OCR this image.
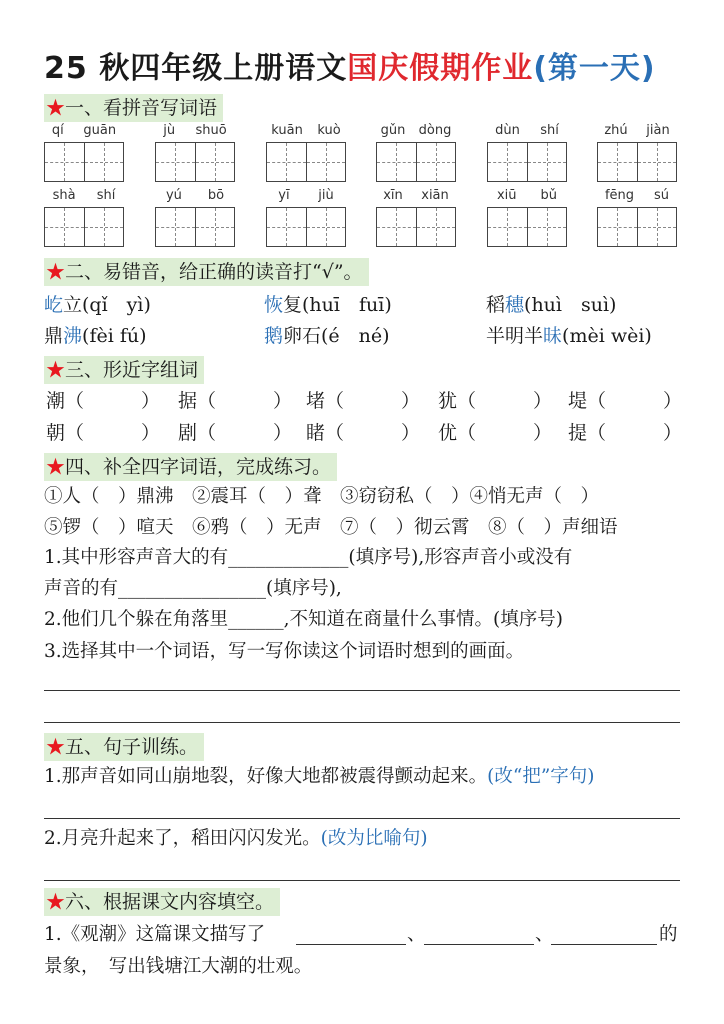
25 秋四年级上册语文国庆假期作业(第一天)
★一、看拼音写词语
qí guān	jù shuō	kuān kuò	gǔn dòng	dùn shí	zhú jiàn
shà shí	yú bō	yī jiù	xīn xiān	xiū bǔ	fēng sú
★二、易错音，给正确的读音打“√”。
屹立(qǐ　yì)	恢复(huī　fuī)	稻穗(huì　suì)
鼎沸(fèi fú)	鹅卵石(é　né)	半明半昧(mèi wèi)
★三、形近字组词
潮（　　　） 据（　　　） 堵（　　　） 犹（　　　） 堤（　　　）
朝（　　　） 剧（　　　） 睹（　　　） 优（　　　） 提（　　　）
★四、补全四字词语，完成练习。
①人（　）鼎沸　②震耳（　）聋　③窃窃私（　）④悄无声（　）
⑤锣（　）喧天　⑥鸦（　）无声　⑦（　）彻云霄　⑧（　）声细语
1.其中形容声音大的有_____________(填序号),形容声音小或没有
声音的有________________(填序号),
2.他们几个躲在角落里______,不知道在商量什么事情。(填序号)
3.选择其中一个词语，写一写你读这个词语时想到的画面。
★五、句子训练。
1.那声音如同山崩地裂，好像大地都被震得颤动起来。(改“把”字句)
2.月亮升起来了，稻田闪闪发光。(改为比喻句)
★六、根据课文内容填空。
1.《观潮》这篇课文描写了	、	、	的
景象，　写出钱塘江大潮的壮观。
